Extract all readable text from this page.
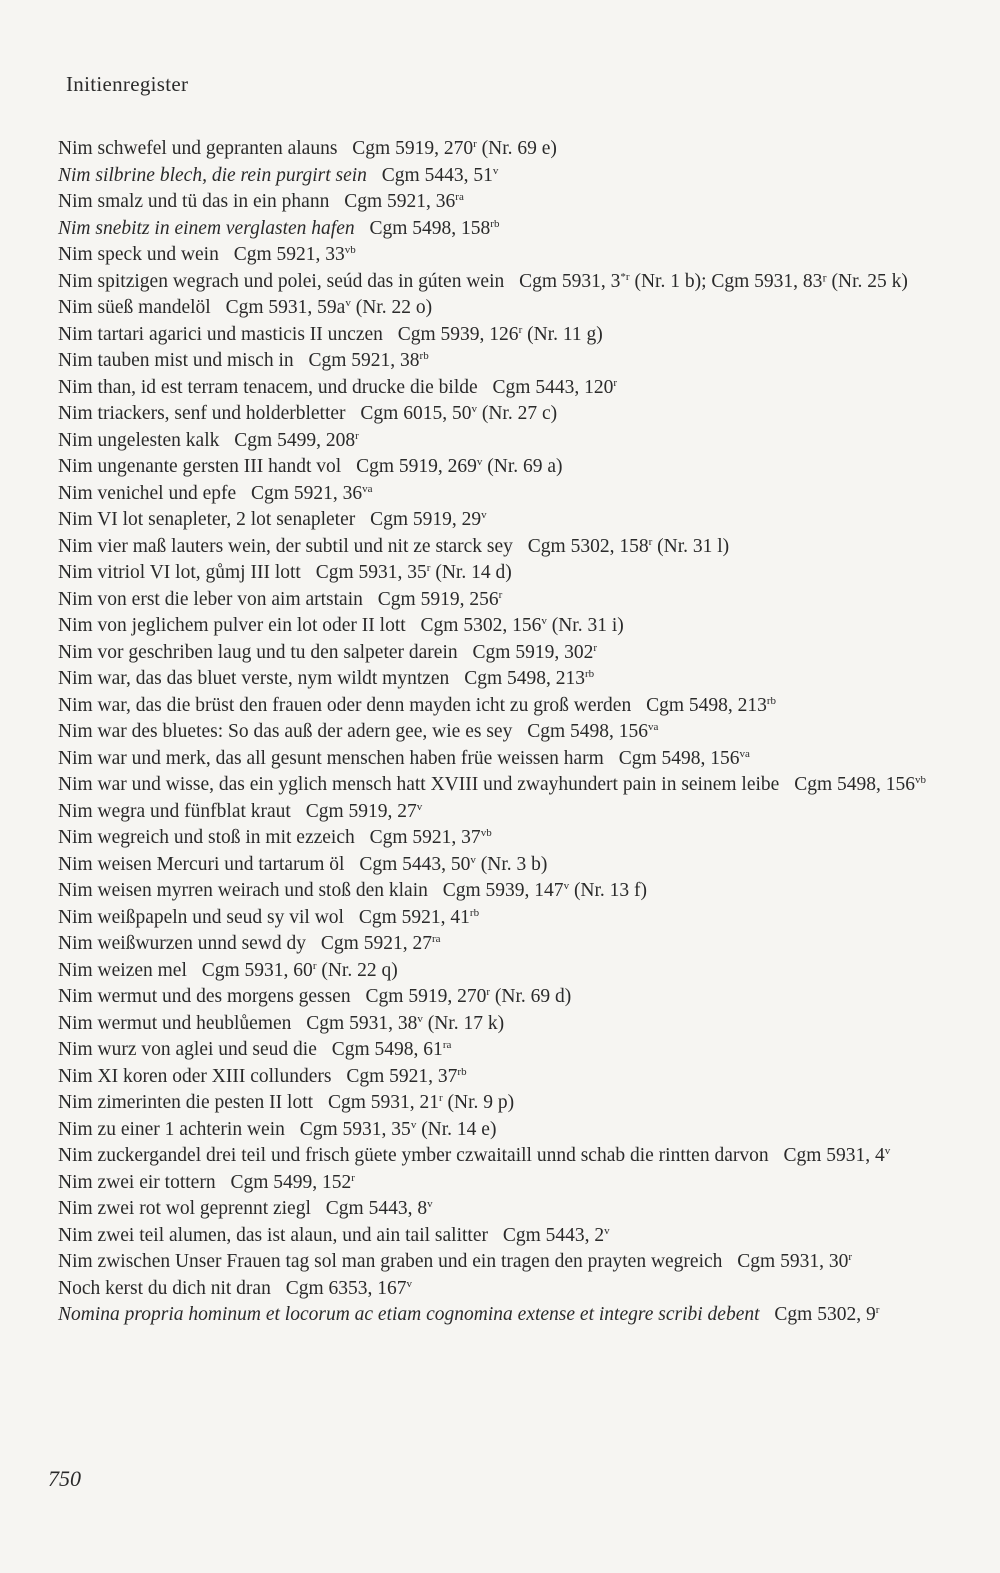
Initienregister
Nim schwefel und gepranten alauns Cgm 5919, 270$^r$ (Nr. 69 e)
Nim silbrine blech, die rein purgirt sein Cgm 5443, 51$^v$
Nim smalz und tü das in ein phann Cgm 5921, $36^{ra}$
Nim snebitz in einem verglasten hafen Cgm 5498, $158^{rb}$
Nim speck und wein Cgm 5921, $33^{vb}$
Nim spitzigen wegrach und polei, seúd das in gúten wein Cgm 5931, 3$^{*r}$ (Nr. 1 b); Cgm 5931, 83ʳ (Nr. 25 k)
Nim süeß mandelöl Cgm 5931, $59a^v$ (Nr. 22 o)
Nim tartari agarici und masticis II unczen Cgm 5939, 126$^r$ (Nr. 11 g)
Nim tauben mist und misch in Cgm 5921, $38^{rb}$
Nim than, id est terram tenacem, und drucke die bilde Cgm 5443, 120$^r$
Nim triackers, senf und holderbletter Cgm 6015, 50$^v$ (Nr. 27 c)
Nim ungelesten kalk Cgm 5499, 208$^r$
Nim ungenante gersten III handt vol Cgm 5919, 269$^v$ (Nr. 69 a)
Nim venichel und epfe Cgm 5921, $36^{va}$
Nim VI lot senapleter, 2 lot senapleter Cgm 5919, 29$^v$
Nim vier maß lauters wein, der subtil und nit ze starck sey Cgm 5302, 158$^r$ (Nr. 31 l)
Nim vitriol VI lot, gůmj III lott Cgm 5931, 35$^r$ (Nr. 14 d)
Nim von erst die leber von aim artstain Cgm 5919, 256$^r$
Nim von jeglichem pulver ein lot oder II lott Cgm 5302, 156$^v$ (Nr. 31 i)
Nim vor geschriben laug und tu den salpeter darein Cgm 5919, 302$^r$
Nim war, das das bluet verste, nym wildt myntzen Cgm 5498, $213^{rb}$
Nim war, das die brüst den frauen oder denn mayden icht zu groß werden Cgm 5498, $213^{rb}$
Nim war des bluetes: So das auß der adern gee, wie es sey Cgm 5498, $156^{va}$
Nim war und merk, das all gesunt menschen haben früe weissen harm Cgm 5498, $156^{va}$
Nim war und wisse, das ein yglich mensch hatt XVIII und zwayhundert pain in seinem leibe Cgm 5498, $156^{vb}$
Nim wegra und fünfblat kraut Cgm 5919, 27$^v$
Nim wegreich und stoß in mit ezzeich Cgm 5921, $37^{vb}$
Nim weisen Mercuri und tartarum öl Cgm 5443, 50$^v$ (Nr. 3 b)
Nim weisen myrren weirach und stoß den klain Cgm 5939, 147$^v$ (Nr. 13 f)
Nim weißpapeln und seud sy vil wol Cgm 5921, $41^{rb}$
Nim weißwurzen unnd sewd dy Cgm 5921, $27^{ra}$
Nim weizen mel Cgm 5931, 60$^r$ (Nr. 22 q)
Nim wermut und des morgens gessen Cgm 5919, 270$^r$ (Nr. 69 d)
Nim wermut und heublůemen Cgm 5931, 38$^v$ (Nr. 17 k)
Nim wurz von aglei und seud die Cgm 5498, $61^{ra}$
Nim XI koren oder XIII collunders Cgm 5921, $37^{rb}$
Nim zimerinten die pesten II lott Cgm 5931, 21$^r$ (Nr. 9 p)
Nim zu einer 1 achterin wein Cgm 5931, 35$^v$ (Nr. 14 e)
Nim zuckergandel drei teil und frisch güete ymber czwaitaill unnd schab die rintten darvon Cgm 5931, 4$^v$
Nim zwei eir tottern Cgm 5499, 152$^r$
Nim zwei rot wol geprennt ziegl Cgm 5443, 8$^v$
Nim zwei teil alumen, das ist alaun, und ain tail salitter Cgm 5443, 2$^v$
Nim zwischen Unser Frauen tag sol man graben und ein tragen den prayten wegreich Cgm 5931, 30$^r$
Noch kerst du dich nit dran Cgm 6353, 167$^v$
Nomina propria hominum et locorum ac etiam cognomina extense et integre scribi debent Cgm 5302, 9$^r$
750
